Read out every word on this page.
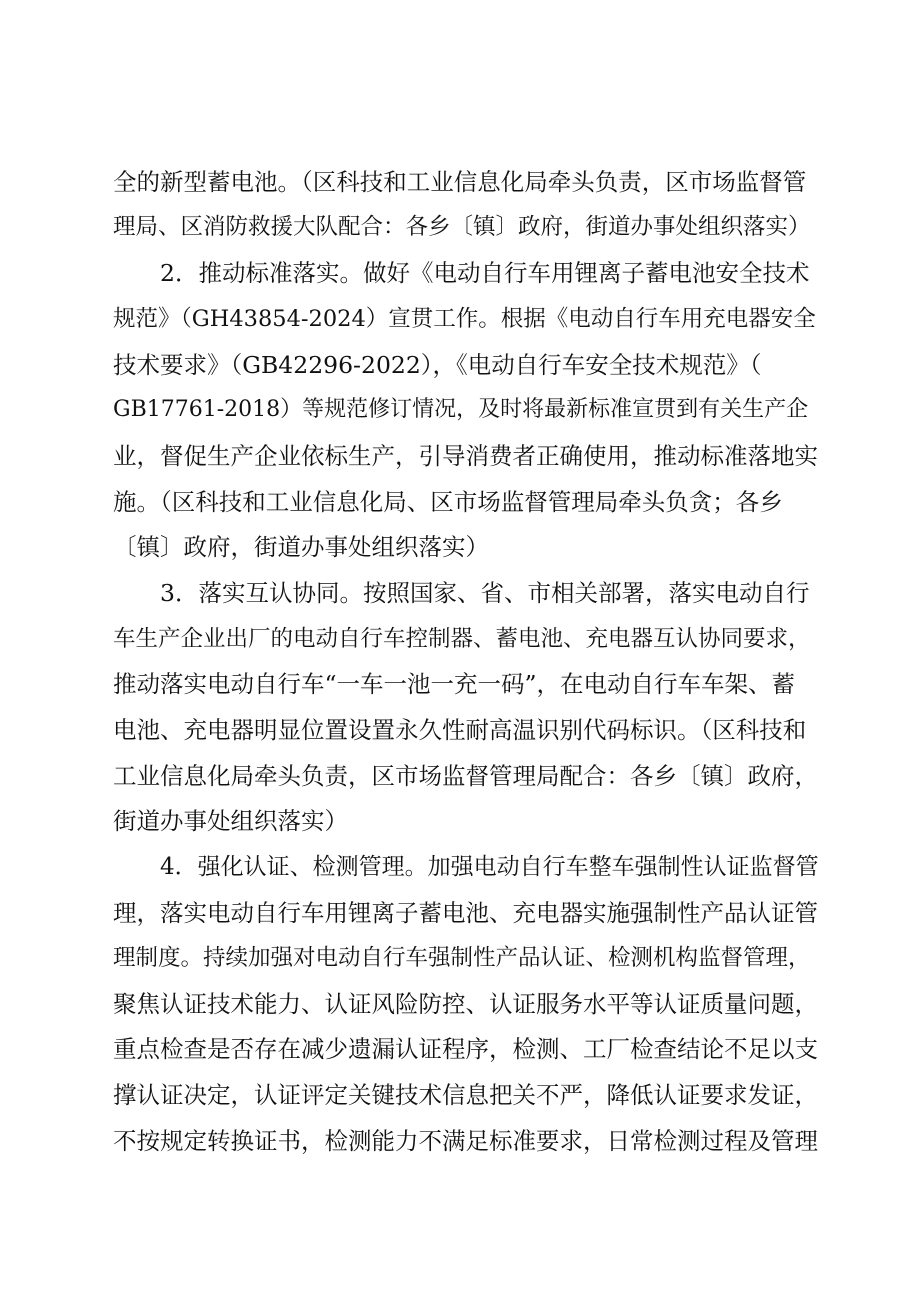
全的新型蓄电池。（区科技和工业信息化局牵头负责，区市场监督管
理局、区消防救援大队配合：各乡〔镇〕政府，街道办事处组织落实）
2．推动标准落实。做好《电动自行车用锂离子蓄电池安全技术
规范》（GH43854-2024）宣贯工作。根据《电动自行车用充电器安全
技术要求》（GB42296-2022），《电动自行车安全技术规范》（
GB17761-2018）等规范修订情况，及时将最新标准宣贯到有关生产企
业，督促生产企业依标生产，引导消费者正确使用，推动标准落地实
施。（区科技和工业信息化局、区市场监督管理局牵头负贪；各乡
〔镇〕政府，街道办事处组织落实）
3．落实互认协同。按照国家、省、市相关部署，落实电动自行
车生产企业出厂的电动自行车控制器、蓄电池、充电器互认协同要求，
推动落实电动自行车“一车一池一充一码”，在电动自行车车架、蓄
电池、充电器明显位置设置永久性耐高温识别代码标识。（区科技和
工业信息化局牵头负责，区市场监督管理局配合：各乡〔镇〕政府，
街道办事处组织落实）
4．强化认证、检测管理。加强电动自行车整车强制性认证监督管
理，落实电动自行车用锂离子蓄电池、充电器实施强制性产品认证管
理制度。持续加强对电动自行车强制性产品认证、检测机构监督管理，
聚焦认证技术能力、认证风险防控、认证服务水平等认证质量问题，
重点检查是否存在减少遗漏认证程序，检测、工厂检查结论不足以支
撑认证决定，认证评定关键技术信息把关不严，降低认证要求发证，
不按规定转换证书，检测能力不满足标准要求，日常检测过程及管理
